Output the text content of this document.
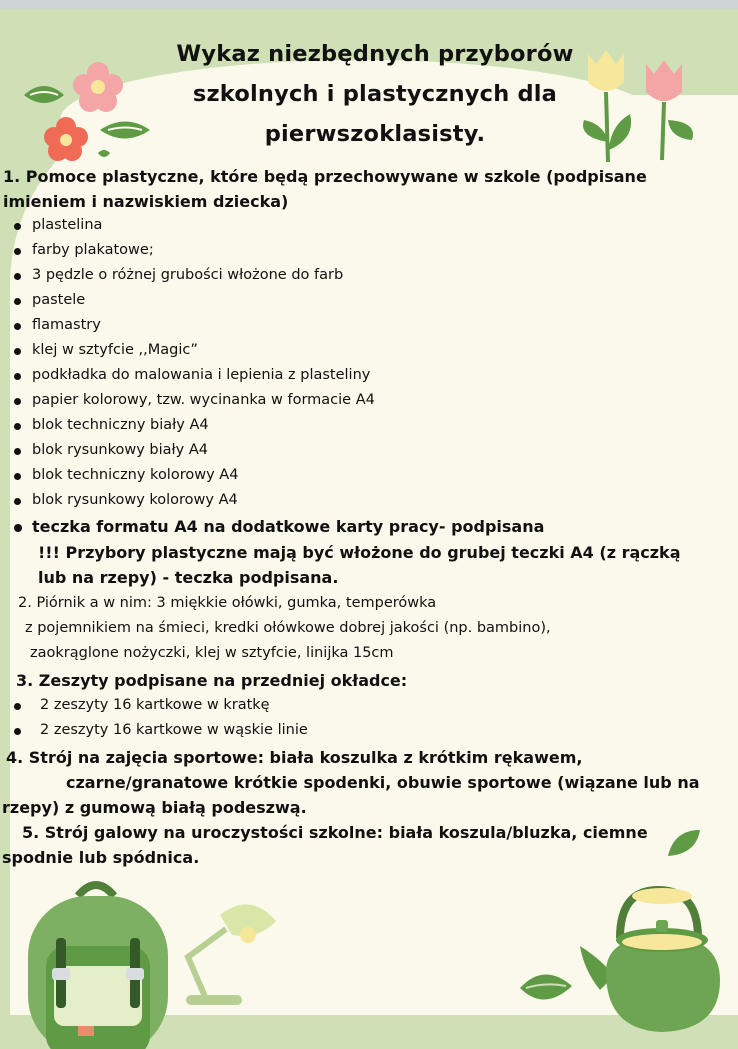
Wykaz niezbędnych przyborów
szkolnych i plastycznych dla
pierwszoklasisty.
1. Pomoce plastyczne, które będą przechowywane w szkole (podpisane
imieniem i nazwiskiem dziecka)
plastelina
farby plakatowe;
3 pędzle o różnej grubości włożone do farb
pastele
flamastry
klej w sztyfcie ,,Magic”
podkładka do malowania i lepienia z plasteliny
papier kolorowy, tzw. wycinanka w formacie A4
blok techniczny biały A4
blok rysunkowy biały A4
blok techniczny kolorowy A4
blok rysunkowy kolorowy A4
teczka formatu A4 na dodatkowe karty pracy- podpisana
!!! Przybory plastyczne mają być włożone do grubej teczki A4 (z rączką
lub na rzepy) - teczka podpisana.
2. Piórnik a w nim: 3 miękkie ołówki, gumka, temperówka
z pojemnikiem na śmieci, kredki ołówkowe dobrej jakości (np. bambino),
zaokrąglone nożyczki, klej w sztyfcie, linijka 15cm
3. Zeszyty podpisane na przedniej okładce:
2 zeszyty 16 kartkowe w kratkę
2 zeszyty 16 kartkowe w wąskie linie
4. Strój na zajęcia sportowe: biała koszulka z krótkim rękawem,
czarne/granatowe krótkie spodenki, obuwie sportowe (wiązane lub na
rzepy) z gumową białą podeszwą.
5. Strój galowy na uroczystości szkolne: biała koszula/bluzka, ciemne
spodnie lub spódnica.
